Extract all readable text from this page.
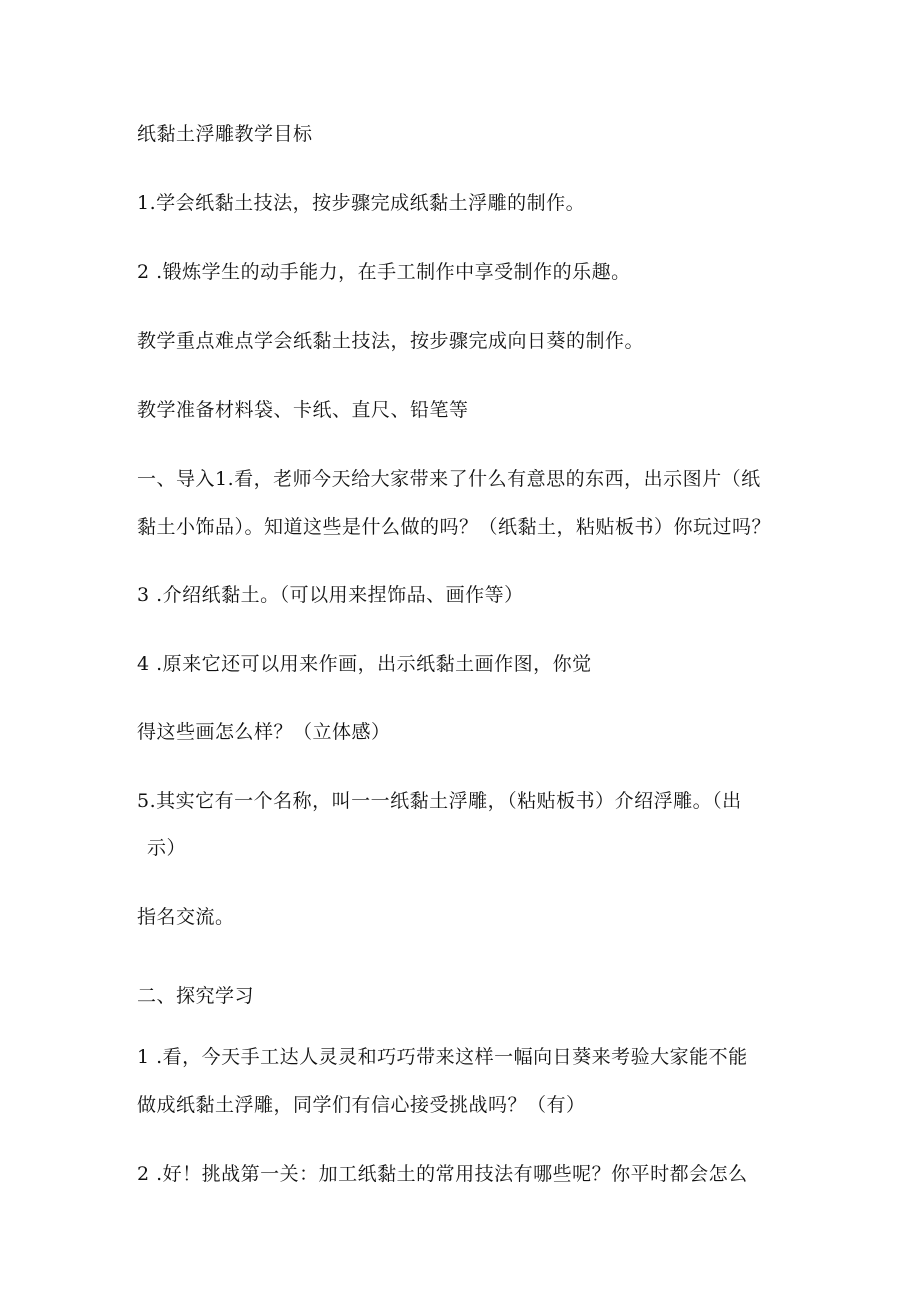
纸黏土浮雕教学目标
1.学会纸黏土技法，按步骤完成纸黏土浮雕的制作。
2 .锻炼学生的动手能力，在手工制作中享受制作的乐趣。
教学重点难点学会纸黏土技法，按步骤完成向日葵的制作。
教学准备材料袋、卡纸、直尺、铅笔等
一、导入1.看，老师今天给大家带来了什么有意思的东西，出示图片（纸
黏土小饰品）。知道这些是什么做的吗？（纸黏土，粘贴板书）你玩过吗？
3 .介绍纸黏土。（可以用来捏饰品、画作等）
4 .原来它还可以用来作画，出示纸黏土画作图，你觉
得这些画怎么样？（立体感）
5.其实它有一个名称，叫一一纸黏土浮雕，（粘贴板书）介绍浮雕。（出
示）
指名交流。
二、探究学习
1 .看，今天手工达人灵灵和巧巧带来这样一幅向日葵来考验大家能不能
做成纸黏土浮雕，同学们有信心接受挑战吗？（有）
2 .好！挑战第一关：加工纸黏土的常用技法有哪些呢？你平时都会怎么
